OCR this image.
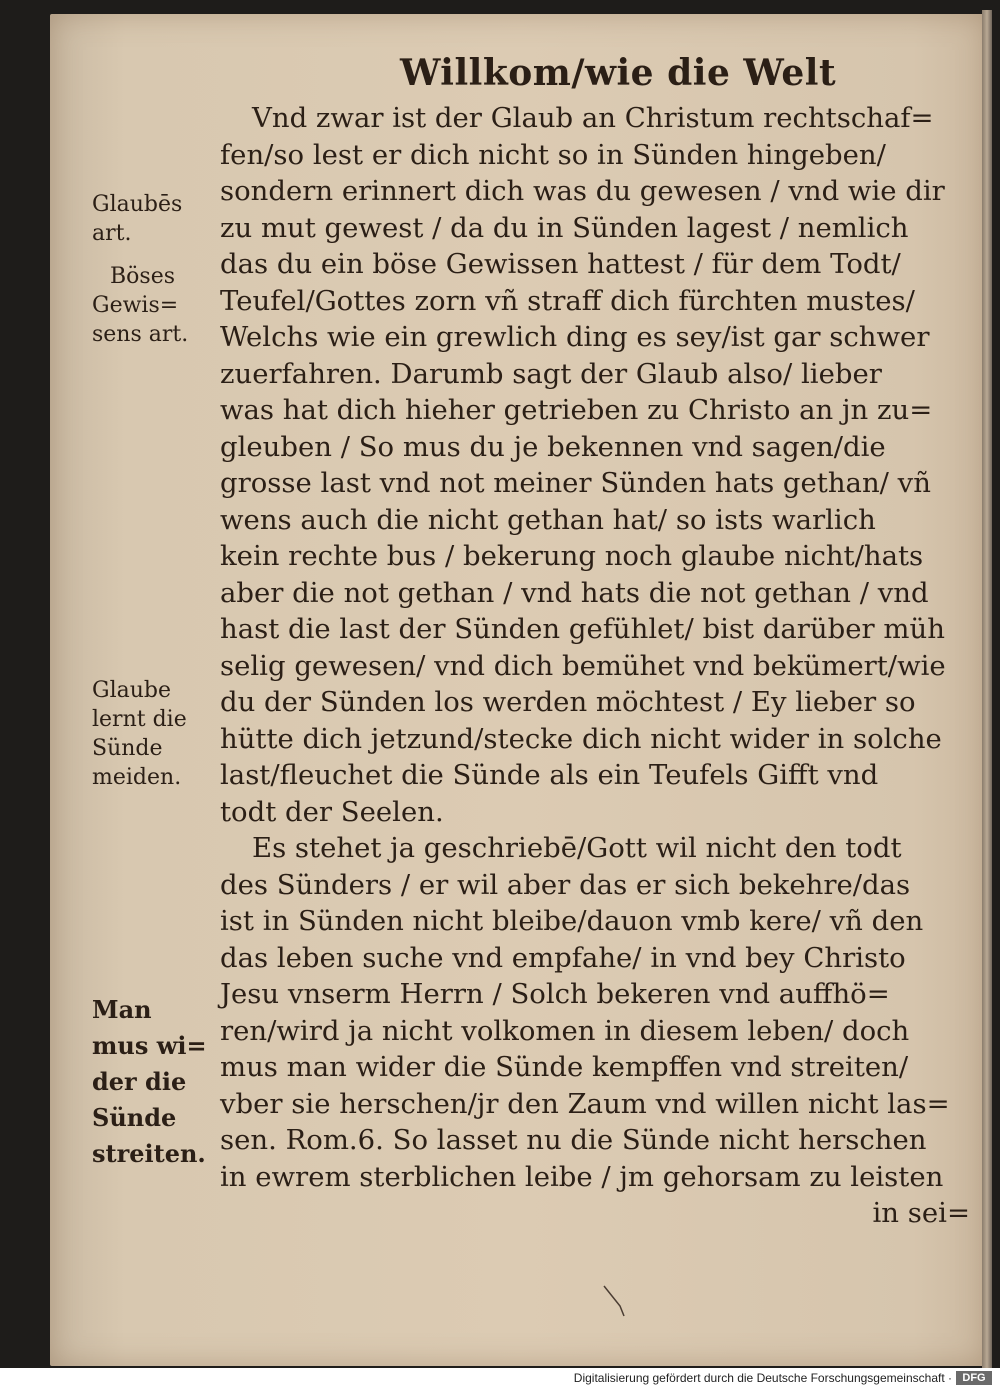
Willkom/wie die Welt
Glaubēs
art.
Böses
Gewis=
sens art.
Glaube
lernt die
Sünde
meiden.
Man
mus wi=
der die
Sünde
streiten.
Vnd zwar ist der Glaub an Christum rechtschaf=
fen/so lest er dich nicht so in Sünden hingeben/
sondern erinnert dich was du gewesen / vnd wie dir
zu mut gewest / da du in Sünden lagest / nemlich
das du ein böse Gewissen hattest / für dem Todt/
Teufel/Gottes zorn vñ straff dich fürchten mustes/
Welchs wie ein grewlich ding es sey/ist gar schwer
zuerfahren. Darumb sagt der Glaub also/ lieber
was hat dich hieher getrieben zu Christo an jn zu=
gleuben / So mus du je bekennen vnd sagen/die
grosse last vnd not meiner Sünden hats gethan/ vñ
wens auch die nicht gethan hat/ so ists warlich
kein rechte bus / bekerung noch glaube nicht/hats
aber die not gethan / vnd hats die not gethan / vnd
hast die last der Sünden gefühlet/ bist darüber müh
selig gewesen/ vnd dich bemühet vnd bekümert/wie
du der Sünden los werden möchtest / Ey lieber so
hütte dich jetzund/stecke dich nicht wider in solche
last/fleuchet die Sünde als ein Teufels Gifft vnd
todt der Seelen.
Es stehet ja geschriebē/Gott wil nicht den todt
des Sünders / er wil aber das er sich bekehre/das
ist in Sünden nicht bleibe/dauon vmb kere/ vñ den
das leben suche vnd empfahe/ in vnd bey Christo
Jesu vnserm Herrn / Solch bekeren vnd auffhö=
ren/wird ja nicht volkomen in diesem leben/ doch
mus man wider die Sünde kempffen vnd streiten/
vber sie herschen/jr den Zaum vnd willen nicht las=
sen. Rom.6. So lasset nu die Sünde nicht herschen
in ewrem sterblichen leibe / jm gehorsam zu leisten
in sei=
Digitalisierung gefördert durch die Deutsche Forschungsgemeinschaft · DFG
